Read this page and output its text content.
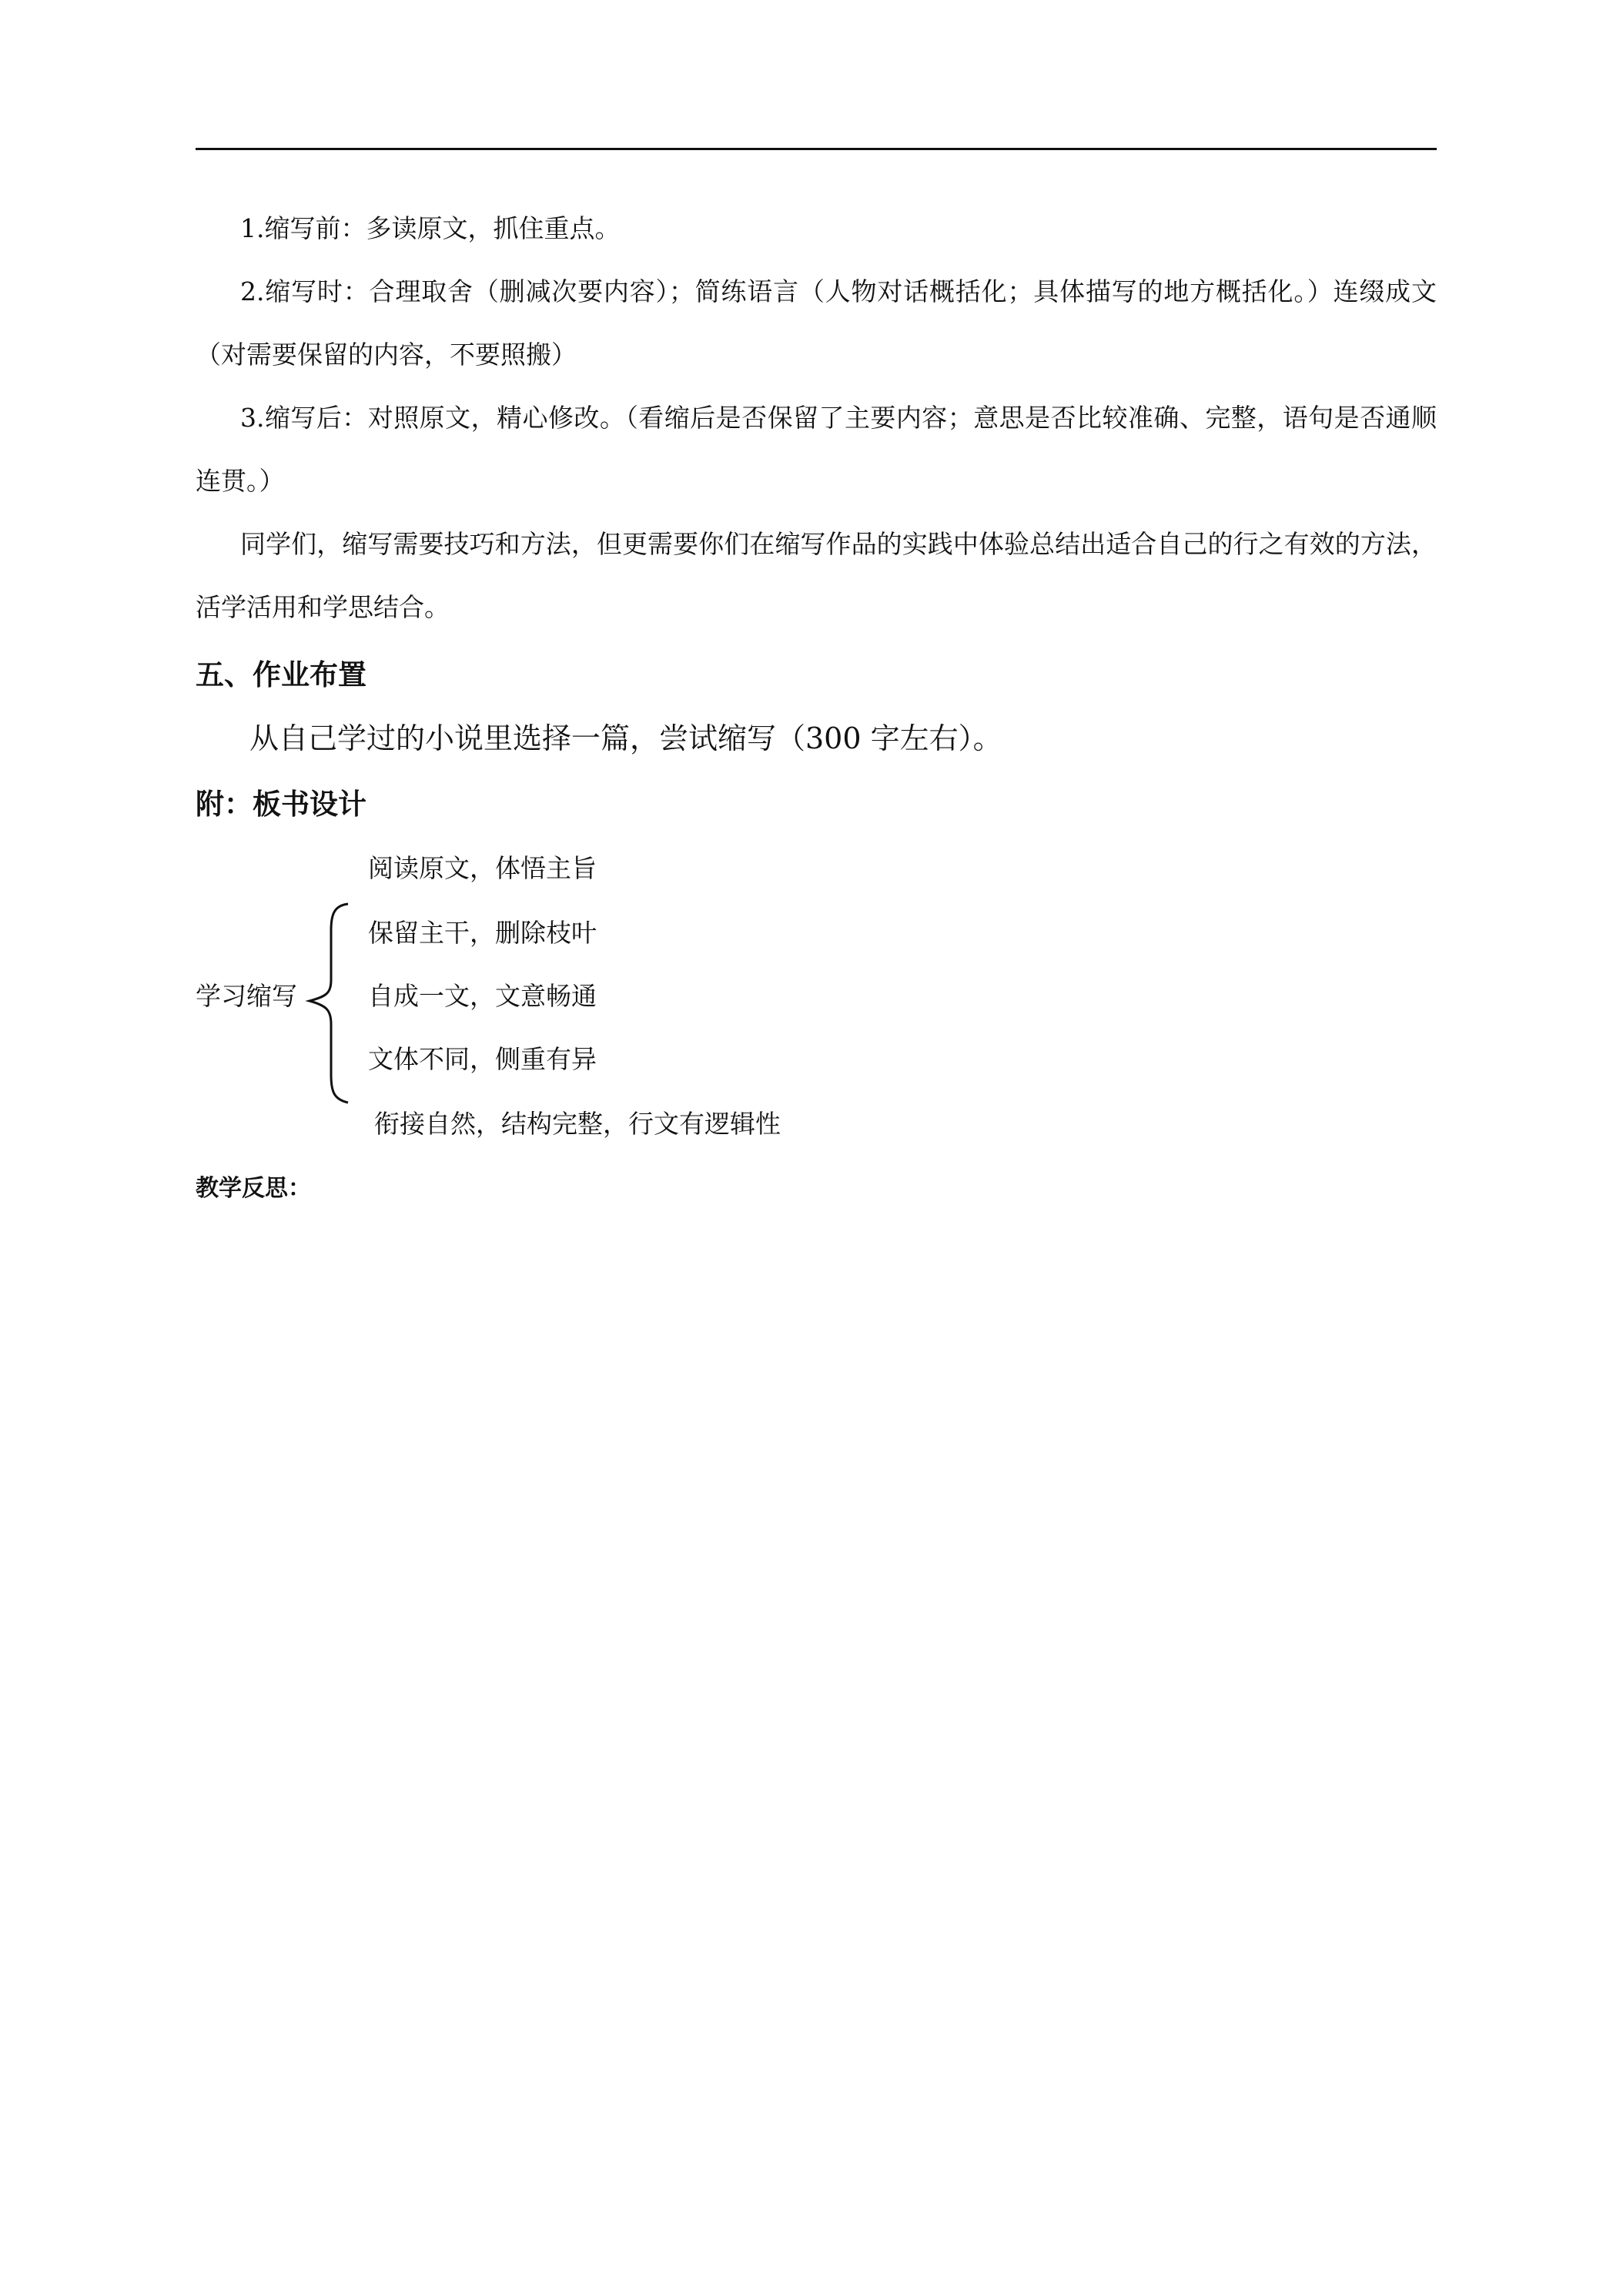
1.缩写前：多读原文，抓住重点。

2.缩写时：合理取舍（删减次要内容）；简练语言（人物对话概括化；具体描写的地方概括化。）连缀成文（对需要保留的内容，不要照搬）

3.缩写后：对照原文，精心修改。（看缩后是否保留了主要内容；意思是否比较准确、完整，语句是否通顺连贯。）

同学们，缩写需要技巧和方法，但更需要你们在缩写作品的实践中体验总结出适合自己的行之有效的方法，活学活用和学思结合。

五、作业布置

从自己学过的小说里选择一篇，尝试缩写（300 字左右）。

附：板书设计

学习缩写

阅读原文，体悟主旨

保留主干，删除枝叶

自成一文，文意畅通

文体不同，侧重有异

衔接自然，结构完整，行文有逻辑性

教学反思：
